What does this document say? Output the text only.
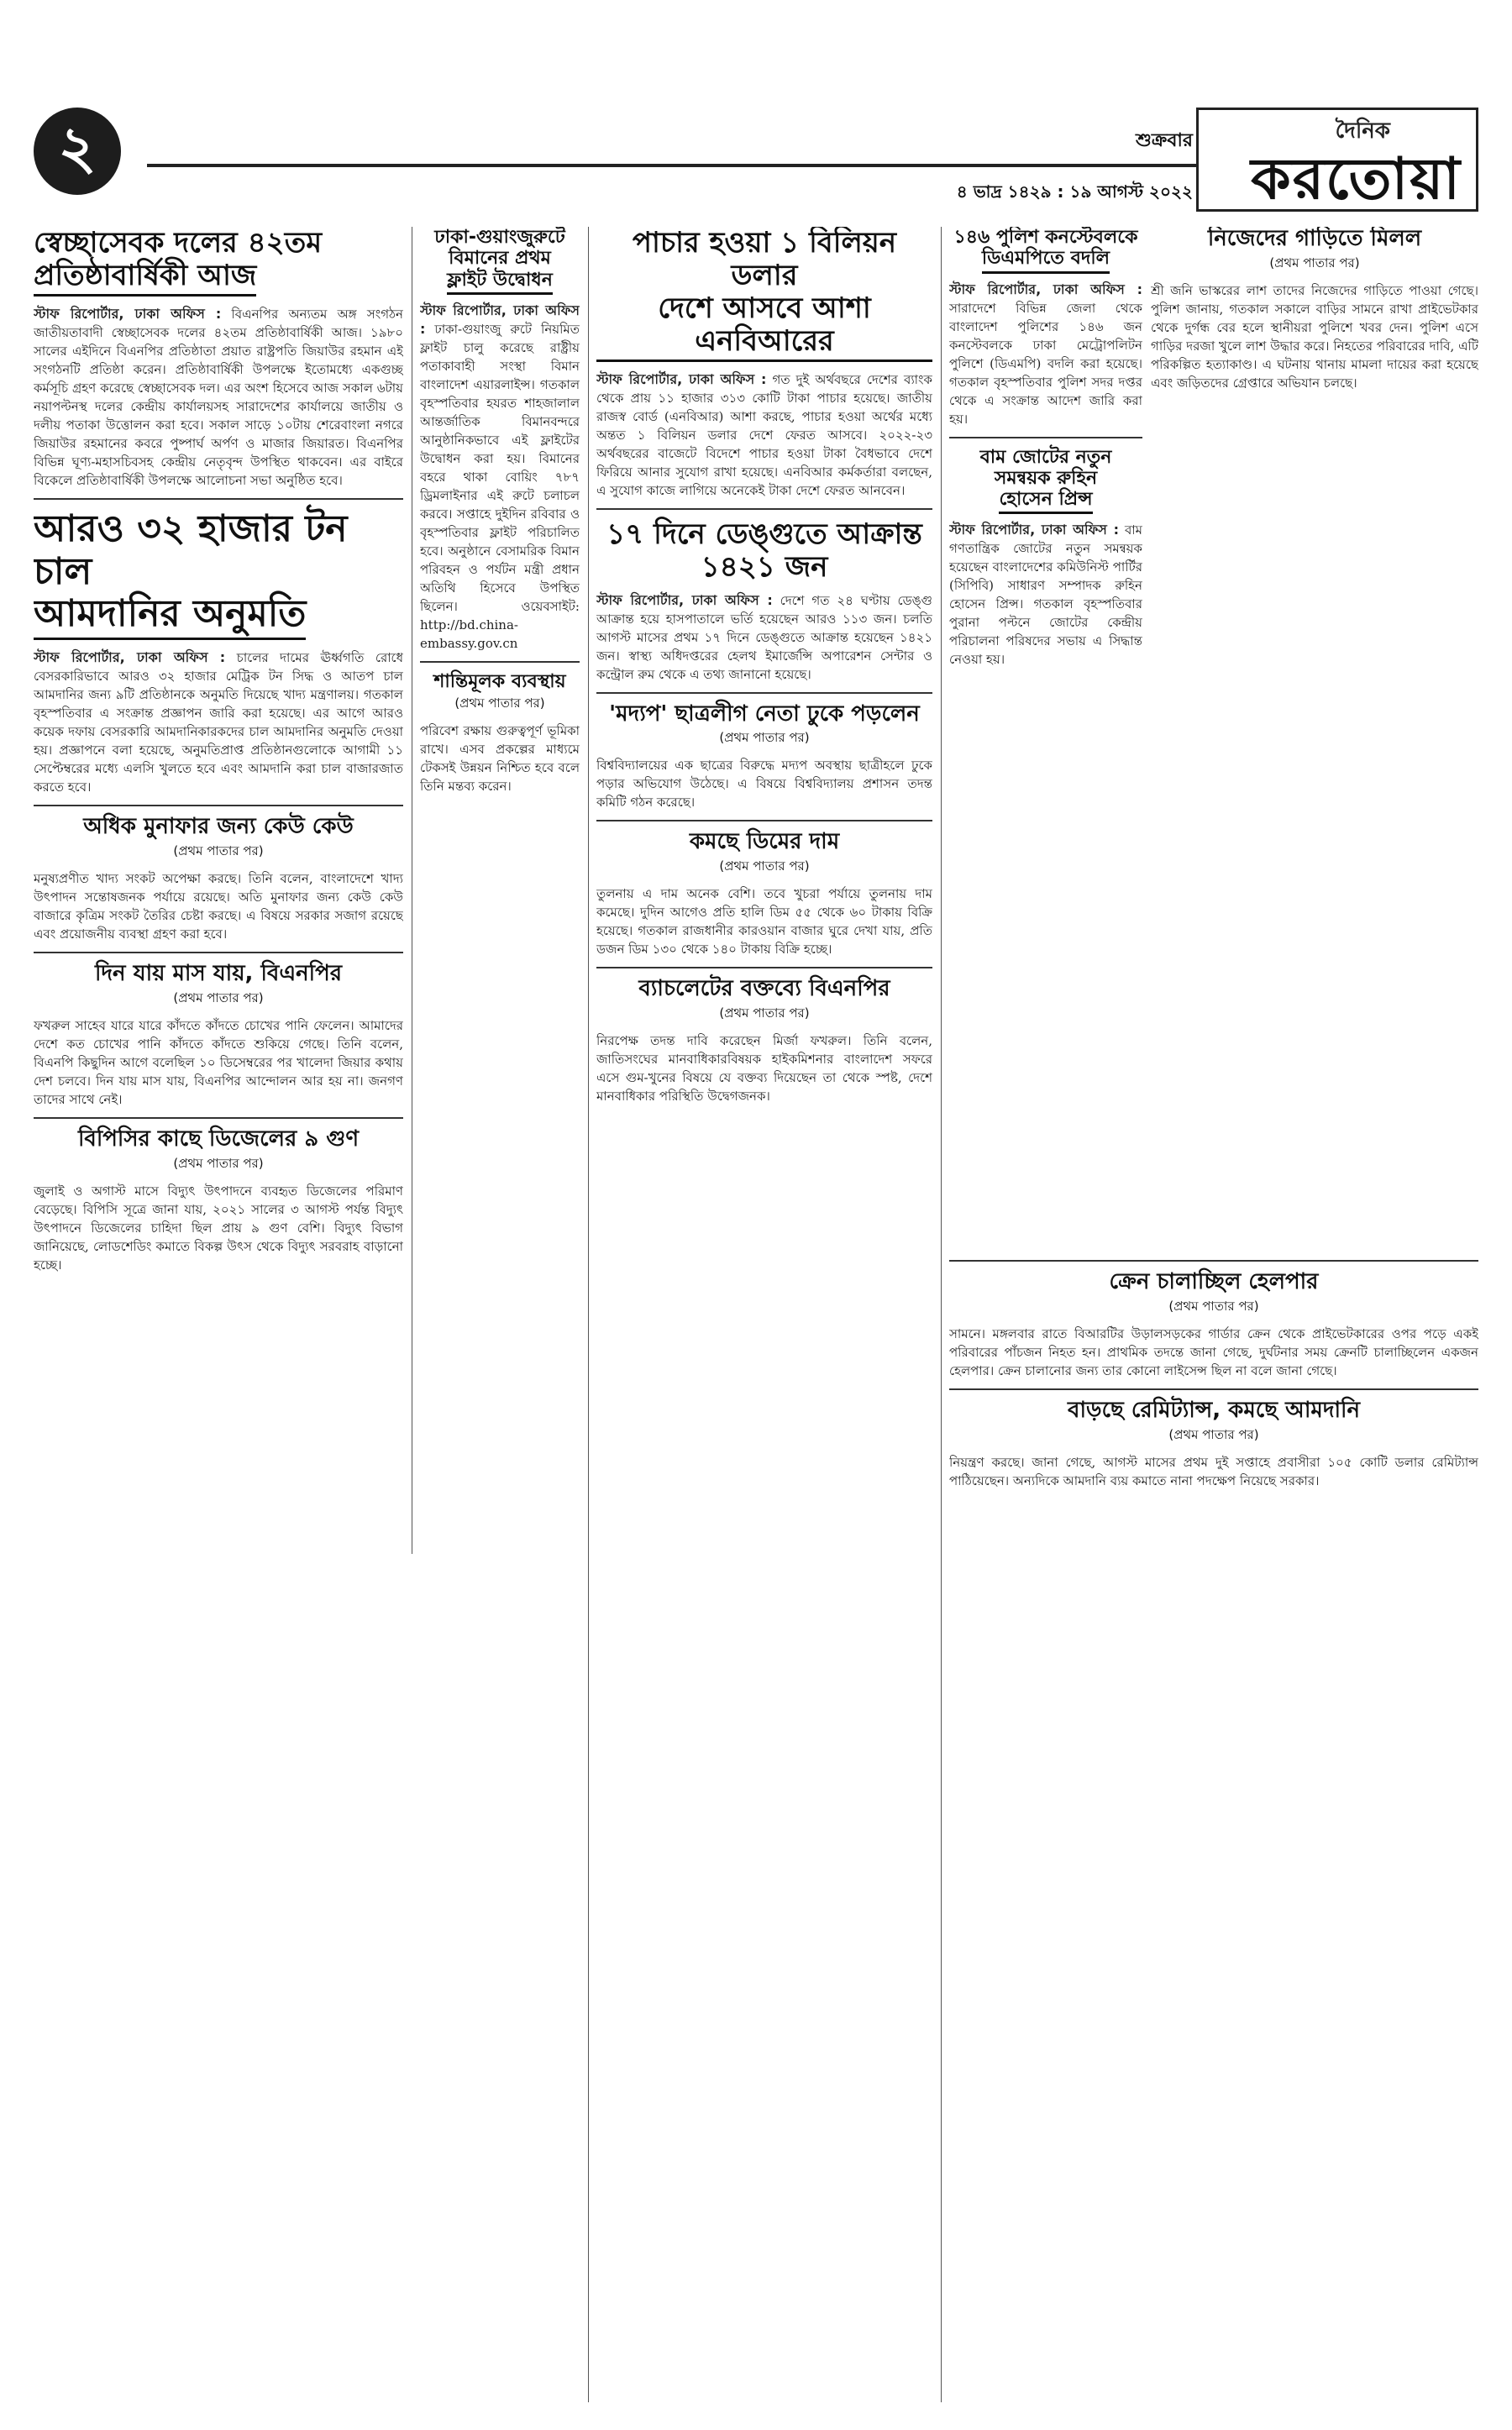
২	শুক্রবার
৪ ভাদ্র ১৪২৯ : ১৯ আগস্ট ২০২২
দৈনিক
করতোয়া
স্বেচ্ছাসেবক দলের ৪২তম
প্রতিষ্ঠাবার্ষিকী আজ

স্টাফ রিপোর্টার, ঢাকা অফিস : বিএনপির অন্যতম অঙ্গ সংগঠন জাতীয়তাবাদী স্বেচ্ছাসেবক দলের ৪২তম প্রতিষ্ঠাবার্ষিকী আজ। ১৯৮০ সালের এইদিনে বিএনপির প্রতিষ্ঠাতা প্রয়াত রাষ্ট্রপতি জিয়াউর রহমান এই সংগঠনটি প্রতিষ্ঠা করেন। প্রতিষ্ঠাবার্ষিকী উপলক্ষে ইতোমধ্যে একগুচ্ছ কর্মসূচি গ্রহণ করেছে স্বেচ্ছাসেবক দল। এর অংশ হিসেবে আজ সকাল ৬টায় নয়াপল্টনস্থ দলের কেন্দ্রীয় কার্যালয়সহ সারাদেশের কার্যালয়ে জাতীয় ও দলীয় পতাকা উত্তোলন করা হবে। সকাল সাড়ে ১০টায় শেরেবাংলা নগরে জিয়াউর রহমানের কবরে পুষ্পার্ঘ অর্পণ ও মাজার জিয়ারত। বিএনপির বিভিন্ন ঘূণ্য-মহাসচিবসহ কেন্দ্রীয় নেতৃবৃন্দ উপস্থিত থাকবেন। এর বাইরে বিকেলে প্রতিষ্ঠাবার্ষিকী উপলক্ষে আলোচনা সভা অনুষ্ঠিত হবে।

আরও ৩২ হাজার টন চাল
আমদানির অনুমতি

স্টাফ রিপোর্টার, ঢাকা অফিস : চালের দামের ঊর্ধ্বগতি রোধে বেসরকারিভাবে আরও ৩২ হাজার মেট্রিক টন সিদ্ধ ও আতপ চাল আমদানির জন্য ৯টি প্রতিষ্ঠানকে অনুমতি দিয়েছে খাদ্য মন্ত্রণালয়। গতকাল বৃহস্পতিবার এ সংক্রান্ত প্রজ্ঞাপন জারি করা হয়েছে। এর আগে আরও কয়েক দফায় বেসরকারি আমদানিকারকদের চাল আমদানির অনুমতি দেওয়া হয়। প্রজ্ঞাপনে বলা হয়েছে, অনুমতিপ্রাপ্ত প্রতিষ্ঠানগুলোকে আগামী ১১ সেপ্টেম্বরের মধ্যে এলসি খুলতে হবে এবং আমদানি করা চাল বাজারজাত করতে হবে।

অধিক মুনাফার জন্য কেউ কেউ
(প্রথম পাতার পর)

মনুষ্যপ্রণীত খাদ্য সংকট অপেক্ষা করছে। তিনি বলেন, বাংলাদেশে খাদ্য উৎপাদন সন্তোষজনক পর্যায়ে রয়েছে। অতি মুনাফার জন্য কেউ কেউ বাজারে কৃত্রিম সংকট তৈরির চেষ্টা করছে। এ বিষয়ে সরকার সজাগ রয়েছে এবং প্রয়োজনীয় ব্যবস্থা গ্রহণ করা হবে।

দিন যায় মাস যায়, বিএনপির
(প্রথম পাতার পর)

ফখরুল সাহেব যারে যারে কাঁদতে কাঁদতে চোখের পানি ফেলেন। আমাদের দেশে কত চোখের পানি কাঁদতে কাঁদতে শুকিয়ে গেছে। তিনি বলেন, বিএনপি কিছুদিন আগে বলেছিল ১০ ডিসেম্বরের পর খালেদা জিয়ার কথায় দেশ চলবে। দিন যায় মাস যায়, বিএনপির আন্দোলন আর হয় না। জনগণ তাদের সাথে নেই।

বিপিসির কাছে ডিজেলের ৯ গুণ
(প্রথম পাতার পর)

জুলাই ও অগাস্ট মাসে বিদ্যুৎ উৎপাদনে ব্যবহৃত ডিজেলের পরিমাণ বেড়েছে। বিপিসি সূত্রে জানা যায়, ২০২১ সালের ৩ আগস্ট পর্যন্ত বিদ্যুৎ উৎপাদনে ডিজেলের চাহিদা ছিল প্রায় ৯ গুণ বেশি। বিদ্যুৎ বিভাগ জানিয়েছে, লোডশেডিং কমাতে বিকল্প উৎস থেকে বিদ্যুৎ সরবরাহ বাড়ানো হচ্ছে।

ঢাকা-গুয়াংজুরুটে
বিমানের প্রথম
ফ্লাইট উদ্বোধন

স্টাফ রিপোর্টার, ঢাকা অফিস : ঢাকা-গুয়াংজু রুটে নিয়মিত ফ্লাইট চালু করেছে রাষ্ট্রীয় পতাকাবাহী সংস্থা বিমান বাংলাদেশ এয়ারলাইন্স। গতকাল বৃহস্পতিবার হযরত শাহজালাল আন্তর্জাতিক বিমানবন্দরে আনুষ্ঠানিকভাবে এই ফ্লাইটের উদ্বোধন করা হয়। বিমানের বহরে থাকা বোয়িং ৭৮৭ ড্রিমলাইনার এই রুটে চলাচল করবে। সপ্তাহে দুইদিন রবিবার ও বৃহস্পতিবার ফ্লাইট পরিচালিত হবে। অনুষ্ঠানে বেসামরিক বিমান পরিবহন ও পর্যটন মন্ত্রী প্রধান অতিথি হিসেবে উপস্থিত ছিলেন। ওয়েবসাইট: http://bd.china-embassy.gov.cn

শান্তিমূলক ব্যবস্থায়
(প্রথম পাতার পর)

পরিবেশ রক্ষায় গুরুত্বপূর্ণ ভূমিকা রাখে। এসব প্রকল্পের মাধ্যমে টেকসই উন্নয়ন নিশ্চিত হবে বলে তিনি মন্তব্য করেন।

পাচার হওয়া ১ বিলিয়ন ডলার
দেশে আসবে আশা এনবিআরের

স্টাফ রিপোর্টার, ঢাকা অফিস : গত দুই অর্থবছরে দেশের ব্যাংক থেকে প্রায় ১১ হাজার ৩১৩ কোটি টাকা পাচার হয়েছে। জাতীয় রাজস্ব বোর্ড (এনবিআর) আশা করছে, পাচার হওয়া অর্থের মধ্যে অন্তত ১ বিলিয়ন ডলার দেশে ফেরত আসবে। ২০২২-২৩ অর্থবছরের বাজেটে বিদেশে পাচার হওয়া টাকা বৈধভাবে দেশে ফিরিয়ে আনার সুযোগ রাখা হয়েছে। এনবিআর কর্মকর্তারা বলছেন, এ সুযোগ কাজে লাগিয়ে অনেকেই টাকা দেশে ফেরত আনবেন।

১৭ দিনে ডেঙ্গুতে আক্রান্ত ১৪২১ জন

স্টাফ রিপোর্টার, ঢাকা অফিস : দেশে গত ২৪ ঘণ্টায় ডেঙ্গু আক্রান্ত হয়ে হাসপাতালে ভর্তি হয়েছেন আরও ১১৩ জন। চলতি আগস্ট মাসের প্রথম ১৭ দিনে ডেঙ্গুতে আক্রান্ত হয়েছেন ১৪২১ জন। স্বাস্থ্য অধিদপ্তরের হেলথ ইমার্জেন্সি অপারেশন সেন্টার ও কন্ট্রোল রুম থেকে এ তথ্য জানানো হয়েছে।

'মদ্যপ' ছাত্রলীগ নেতা ঢুকে পড়লেন
(প্রথম পাতার পর)

বিশ্ববিদ্যালয়ের এক ছাত্রের বিরুদ্ধে মদ্যপ অবস্থায় ছাত্রীহলে ঢুকে পড়ার অভিযোগ উঠেছে। এ বিষয়ে বিশ্ববিদ্যালয় প্রশাসন তদন্ত কমিটি গঠন করেছে।

কমছে ডিমের দাম
(প্রথম পাতার পর)

তুলনায় এ দাম অনেক বেশি। তবে খুচরা পর্যায়ে তুলনায় দাম কমেছে। দুদিন আগেও প্রতি হালি ডিম ৫৫ থেকে ৬০ টাকায় বিক্রি হয়েছে। গতকাল রাজধানীর কারওয়ান বাজার ঘুরে দেখা যায়, প্রতি ডজন ডিম ১৩০ থেকে ১৪০ টাকায় বিক্রি হচ্ছে।

ব্যাচলেটের বক্তব্যে বিএনপির
(প্রথম পাতার পর)

নিরপেক্ষ তদন্ত দাবি করেছেন মির্জা ফখরুল। তিনি বলেন, জাতিসংঘের মানবাধিকারবিষয়ক হাইকমিশনার বাংলাদেশ সফরে এসে গুম-খুনের বিষয়ে যে বক্তব্য দিয়েছেন তা থেকে স্পষ্ট, দেশে মানবাধিকার পরিস্থিতি উদ্বেগজনক।

১৪৬ পুলিশ কনস্টেবলকে
ডিএমপিতে বদলি

স্টাফ রিপোর্টার, ঢাকা অফিস : সারাদেশে বিভিন্ন জেলা থেকে বাংলাদেশ পুলিশের ১৪৬ জন কনস্টেবলকে ঢাকা মেট্রোপলিটন পুলিশে (ডিএমপি) বদলি করা হয়েছে। গতকাল বৃহস্পতিবার পুলিশ সদর দপ্তর থেকে এ সংক্রান্ত আদেশ জারি করা হয়।

বাম জোটের নতুন
সমন্বয়ক রুহিন
হোসেন প্রিন্স

স্টাফ রিপোর্টার, ঢাকা অফিস : বাম গণতান্ত্রিক জোটের নতুন সমন্বয়ক হয়েছেন বাংলাদেশের কমিউনিস্ট পার্টির (সিপিবি) সাধারণ সম্পাদক রুহিন হোসেন প্রিন্স। গতকাল বৃহস্পতিবার পুরানা পল্টনে জোটের কেন্দ্রীয় পরিচালনা পরিষদের সভায় এ সিদ্ধান্ত নেওয়া হয়।

নিজেদের গাড়িতে মিলল
(প্রথম পাতার পর)

শ্রী জনি ভাস্করের লাশ তাদের নিজেদের গাড়িতে পাওয়া গেছে। পুলিশ জানায়, গতকাল সকালে বাড়ির সামনে রাখা প্রাইভেটকার থেকে দুর্গন্ধ বের হলে স্থানীয়রা পুলিশে খবর দেন। পুলিশ এসে গাড়ির দরজা খুলে লাশ উদ্ধার করে। নিহতের পরিবারের দাবি, এটি পরিকল্পিত হত্যাকাণ্ড। এ ঘটনায় থানায় মামলা দায়ের করা হয়েছে এবং জড়িতদের গ্রেপ্তারে অভিযান চলছে।

ক্রেন চালাচ্ছিল হেলপার
(প্রথম পাতার পর)

সামনে। মঙ্গলবার রাতে বিআরটির উড়ালসড়কের গার্ডার ক্রেন থেকে প্রাইভেটকারের ওপর পড়ে একই পরিবারের পাঁচজন নিহত হন। প্রাথমিক তদন্তে জানা গেছে, দুর্ঘটনার সময় ক্রেনটি চালাচ্ছিলেন একজন হেলপার। ক্রেন চালানোর জন্য তার কোনো লাইসেন্স ছিল না বলে জানা গেছে।

বাড়ছে রেমিট্যান্স, কমছে আমদানি
(প্রথম পাতার পর)

নিয়ন্ত্রণ করছে। জানা গেছে, আগস্ট মাসের প্রথম দুই সপ্তাহে প্রবাসীরা ১০৫ কোটি ডলার রেমিট্যান্স পাঠিয়েছেন। অন্যদিকে আমদানি ব্যয় কমাতে নানা পদক্ষেপ নিয়েছে সরকার।
